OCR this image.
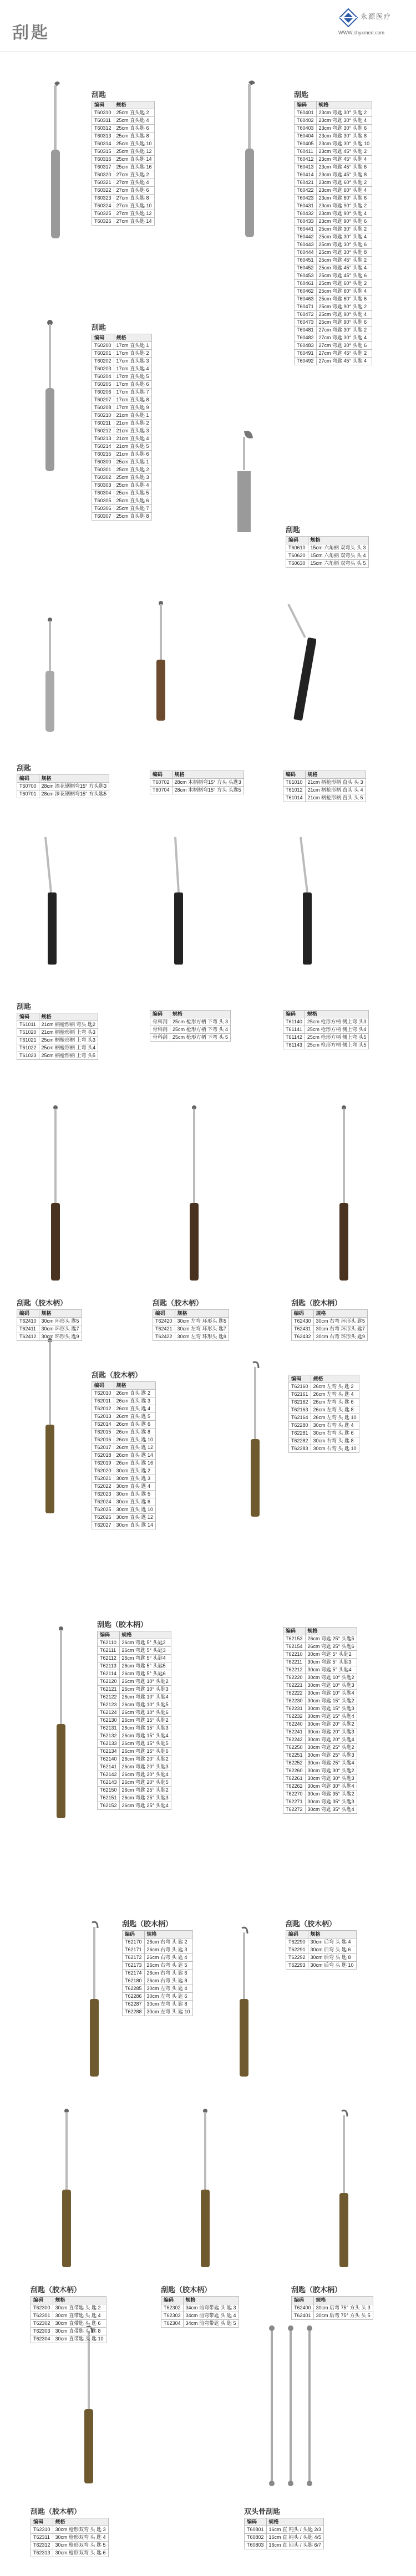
刮匙
永源医疗
WWW.shyxmed.com
刮匙
编码	规格
T60310	25cm 直头匙 2
T60311	25cm 直头匙 4
T60312	25cm 直头匙 6
T60313	25cm 直头匙 8
T60314	25cm 直头匙 10
T60315	25cm 直头匙 12
T60316	25cm 直头匙 14
T60317	25cm 直头匙 16
T60320	27cm 直头匙 2
T60321	27cm 直头匙 4
T60322	27cm 直头匙 6
T60323	27cm 直头匙 8
T60324	27cm 直头匙 10
T60325	27cm 直头匙 12
T60326	27cm 直头匙 14
刮匙
编码	规格
T60401	23cm 弯匙 30° 头匙 2
T60402	23cm 弯匙 30° 头匙 4
T60403	23cm 弯匙 30° 头匙 6
T60404	23cm 弯匙 30° 头匙 8
T60405	23cm 弯匙 30° 头匙 10
T60411	23cm 弯匙 45° 头匙 2
T60412	23cm 弯匙 45° 头匙 4
T60413	23cm 弯匙 45° 头匙 6
T60414	23cm 弯匙 45° 头匙 8
T60421	23cm 弯匙 60° 头匙 2
T60422	23cm 弯匙 60° 头匙 4
T60423	23cm 弯匙 60° 头匙 6
T60431	23cm 弯匙 90° 头匙 2
T60432	23cm 弯匙 90° 头匙 4
T60433	23cm 弯匙 90° 头匙 6
T60441	25cm 弯匙 30° 头匙 2
T60442	25cm 弯匙 30° 头匙 4
T60443	25cm 弯匙 30° 头匙 6
T60444	25cm 弯匙 30° 头匙 8
T60451	25cm 弯匙 45° 头匙 2
T60452	25cm 弯匙 45° 头匙 4
T60453	25cm 弯匙 45° 头匙 6
T60461	25cm 弯匙 60° 头匙 2
T60462	25cm 弯匙 60° 头匙 4
T60463	25cm 弯匙 60° 头匙 6
T60471	25cm 弯匙 90° 头匙 2
T60472	25cm 弯匙 90° 头匙 4
T60473	25cm 弯匙 90° 头匙 6
T60481	27cm 弯匙 30° 头匙 2
T60482	27cm 弯匙 30° 头匙 4
T60483	27cm 弯匙 30° 头匙 6
T60491	27cm 弯匙 45° 头匙 2
T60492	27cm 弯匙 45° 头匙 4
刮匙
编码	规格
T60200	17cm 直头匙 1
T60201	17cm 直头匙 2
T60202	17cm 直头匙 3
T60203	17cm 直头匙 4
T60204	17cm 直头匙 5
T60205	17cm 直头匙 6
T60206	17cm 直头匙 7
T60207	17cm 直头匙 8
T60208	17cm 直头匙 9
T60210	21cm 直头匙 1
T60211	21cm 直头匙 2
T60212	21cm 直头匙 3
T60213	21cm 直头匙 4
T60214	21cm 直头匙 5
T60215	21cm 直头匙 6
T60300	25cm 直头匙 1
T60301	25cm 直头匙 2
T60302	25cm 直头匙 3
T60303	25cm 直头匙 4
T60304	25cm 直头匙 5
T60305	25cm 直头匙 6
T60306	25cm 直头匙 7
T60307	25cm 直头匙 8
刮匙
编码	规格
T60610	15cm 六角柄 双弯头 头 3
T60620	15cm 六角柄 双弯头 头 4
T60630	15cm 六角柄 双弯头 头 5
刮匙
编码	规格
T60700	28cm 漆花钢柄弯15° 方头匙3
T60701	28cm 漆花钢柄弯15° 方头匙5
编码	规格
T60702	28cm 木柄柄弯15° 方头 头匙3
T60704	28cm 木柄柄弯15° 方头 头匙5
编码	规格
T61010	21cm 柄枪形柄 直头 头 3
T61012	21cm 柄枪形柄 直头 头 4
T61014	21cm 柄枪形柄 直头 头 5
刮匙
编码	规格
T61011	21cm 柄枪形柄 弯头 匙2
T61020	21cm 柄枪形柄 上弯 头3
T61021	25cm 柄枪形柄 上弯 头3
T61022	25cm 柄枪形柄 上弯 头4
T61023	25cm 柄枪形柄 上弯 头5
编码	规格
骨科刮	25cm 枪形方柄 下弯 头 3
骨科刮	25cm 枪形方柄 下弯 头 4
骨科刮	25cm 枪形方柄 下弯 头 5
编码	规格
T61140	25cm 枪形方柄 侧上弯 头3
T61141	25cm 枪形方柄 侧上弯 头4
T61142	25cm 枪形方柄 侧上弯 头5
T61143	25cm 枪形方柄 侧上弯 头5
刮匙（胶木柄）
编码	规格
T62410	30cm 环形头 匙5
T62411	30cm 环形头 匙7
T62412	30cm 环形头 匙9
刮匙（胶木柄）
编码	规格
T62420	30cm 左弯 环形头 匙5
T62421	30cm 左弯 环形头 匙7
T62422	30cm 左弯 环形头 匙9
刮匙（胶木柄）
编码	规格
T62430	30cm 右弯 环形头 匙5
T62431	30cm 右弯 环形头 匙7
T62432	30cm 右弯 环形头 匙9
刮匙（胶木柄）
编码	规格
T62010	26cm 直头 匙 2
T62011	26cm 直头 匙 3
T62012	26cm 直头 匙 4
T62013	26cm 直头 匙 5
T62014	26cm 直头 匙 6
T62015	26cm 直头 匙 8
T62016	26cm 直头 匙 10
T62017	26cm 直头 匙 12
T62018	26cm 直头 匙 14
T62019	26cm 直头 匙 16
T62020	30cm 直头 匙 2
T62021	30cm 直头 匙 3
T62022	30cm 直头 匙 4
T62023	30cm 直头 匙 5
T62024	30cm 直头 匙 6
T62025	30cm 直头 匙 10
T62026	30cm 直头 匙 12
T62027	30cm 直头 匙 14
编码	规格
T62160	26cm 左弯 头 匙 2
T62161	26cm 左弯 头 匙 4
T62162	26cm 左弯 头 匙 6
T62163	26cm 左弯 头 匙 8
T62164	26cm 左弯 头 匙 10
T62280	30cm 右弯 头 匙 4
T62281	30cm 右弯 头 匙 6
T62282	30cm 右弯 头 匙 8
T62283	30cm 右弯 头 匙 10
刮匙（胶木柄）
编码	规格
T62110	26cm 弯匙 5° 头匙2
T62111	26cm 弯匙 5° 头匙3
T62112	26cm 弯匙 5° 头匙4
T62113	26cm 弯匙 5° 头匙5
T62114	26cm 弯匙 5° 头匙6
T62120	26cm 弯匙 10° 头匙2
T62121	26cm 弯匙 10° 头匙3
T62122	26cm 弯匙 10° 头匙4
T62123	26cm 弯匙 10° 头匙5
T62124	26cm 弯匙 10° 头匙6
T62130	26cm 弯匙 15° 头匙2
T62131	26cm 弯匙 15° 头匙3
T62132	26cm 弯匙 15° 头匙4
T62133	26cm 弯匙 15° 头匙5
T62134	26cm 弯匙 15° 头匙6
T62140	26cm 弯匙 20° 头匙2
T62141	26cm 弯匙 20° 头匙3
T62142	26cm 弯匙 20° 头匙4
T62143	26cm 弯匙 20° 头匙5
T62150	26cm 弯匙 25° 头匙2
T62151	26cm 弯匙 25° 头匙3
T62152	26cm 弯匙 25° 头匙4
编码	规格
T62153	26cm 弯匙 25° 头匙5
T62154	26cm 弯匙 25° 头匙6
T62210	30cm 弯匙 5° 头匙2
T62211	30cm 弯匙 5° 头匙3
T62212	30cm 弯匙 5° 头匙4
T62220	30cm 弯匙 10° 头匙2
T62221	30cm 弯匙 10° 头匙3
T62222	30cm 弯匙 10° 头匙4
T62230	30cm 弯匙 15° 头匙2
T62231	30cm 弯匙 15° 头匙3
T62232	30cm 弯匙 15° 头匙4
T62240	30cm 弯匙 20° 头匙2
T62241	30cm 弯匙 20° 头匙3
T62242	30cm 弯匙 20° 头匙4
T62250	30cm 弯匙 25° 头匙2
T62251	30cm 弯匙 25° 头匙3
T62252	30cm 弯匙 25° 头匙4
T62260	30cm 弯匙 30° 头匙2
T62261	30cm 弯匙 30° 头匙3
T62262	30cm 弯匙 30° 头匙4
T62270	30cm 弯匙 35° 头匙2
T62271	30cm 弯匙 35° 头匙3
T62272	30cm 弯匙 35° 头匙4
刮匙（胶木柄）
编码	规格
T62170	26cm 右弯 头 匙 2
T62171	26cm 右弯 头 匙 3
T62172	26cm 右弯 头 匙 4
T62173	26cm 右弯 头 匙 5
T62174	26cm 右弯 头 匙 6
T62180	26cm 右弯 头 匙 8
T62285	30cm 左弯 头 匙 4
T62286	30cm 左弯 头 匙 6
T62287	30cm 左弯 头 匙 8
T62288	30cm 左弯 头 匙 10
刮匙（胶木柄）
编码	规格
T62290	30cm 后弯 头 匙 4
T62291	30cm 后弯 头 匙 6
T62292	30cm 后弯 头 匙 8
T62293	30cm 后弯 头 匙 10
刮匙（胶木柄）
编码	规格
T62300	30cm 直带匙 头 匙 2
T62301	30cm 直带匙 头 匙 4
T62302	30cm 直带匙 头 匙 6
T62303	30cm 直带匙 头 匙 8
T62304	30cm 直带匙 头 匙 10
刮匙（胶木柄）
编码	规格
T62302	34cm 前弯带匙 头 匙 3
T62303	34cm 前弯带匙 头 匙 4
T62304	34cm 前弯带匙 头 匙 5
刮匙（胶木柄）
编码	规格
T62400	30cm 后弯 75° 方头 头 3
T62401	30cm 后弯 75° 方头 头 5
刮匙（胶木柄）
编码	规格
T62310	30cm 枪形双弯 头 匙 3
T62311	30cm 枪形双弯 头 匙 4
T62312	30cm 枪形双弯 头 匙 5
T62313	30cm 枪形双弯 头 匙 6
双头骨刮匙
编码	规格
T60801	16cm 直 钝头 / 头匙 2/3
T60802	16cm 直 钝头 / 头匙 4/5
T60803	16cm 直 钝头 / 头匙 6/7
